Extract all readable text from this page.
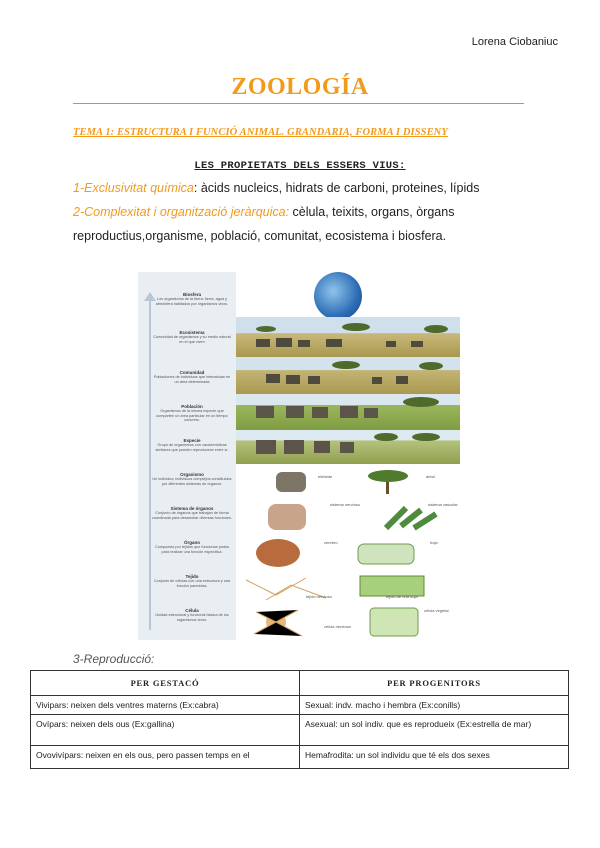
Lorena Ciobaniuc
ZOOLOGÍA
TEMA 1: ESTRUCTURA I FUNCIÓ ANIMAL. GRANDARIA, FORMA I DISSENY
LES PROPIETATS DELS ESSERS VIUS:
1-Exclusivitat química: àcids nucleics, hidrats de carboni, proteines, lípids
2-Complexitat i organització jeràrquica: cèlula, teixits, organs, òrgans
reproductius,organisme, població, comunitat, ecosistema i biosfera.
Biosfera
Los organismos de la tierra: tierra, agua y atmósfera habitados por organismos vivos.
Ecosistema
Comunidad de organismos y su medio natural en el que viven
Comunidad
Poblaciones de individuos que interactúan en un área determinada
Población
Organismos de la misma especie que comparten un área particular en un tiempo concreto.
Especie
Grupo de organismos con características similares que pueden reproducirse entre sí.
Organismo
Un individuo; individuos complejos constituidos por diferentes sistemas de órganos.
Sistema de órganos
Conjunto de órganos que trabajan de forma coordinada para desarrollar diversas funciones.
Órgano
Compuesto por tejidos que funcionan juntos para realizar una función específica.
Tejido
Conjunto de células con una estructura y una función parecidas.
Célula
Unidad estructural y funcional básica de los organismos vivos.
elefante	árbol
sistema nervioso	sistema vascular
cerebro	hoja
tejido nervioso	tejido de una hoja
célula nerviosa
célula vegetal
3-Reproducció:
PER GESTACÓ	PER PROGENITORS
Vivipars: neixen dels ventres materns (Ex:cabra)	Sexual: indv. macho i hembra (Ex:conills)
Ovípars: neixen dels ous (Ex:gallina)	Asexual: un sol indiv. que es reprodueix (Ex:estrella de mar)
Ovovivípars: neixen en els ous, pero passen temps en el	Hemafrodita: un sol individu que té els dos sexes
